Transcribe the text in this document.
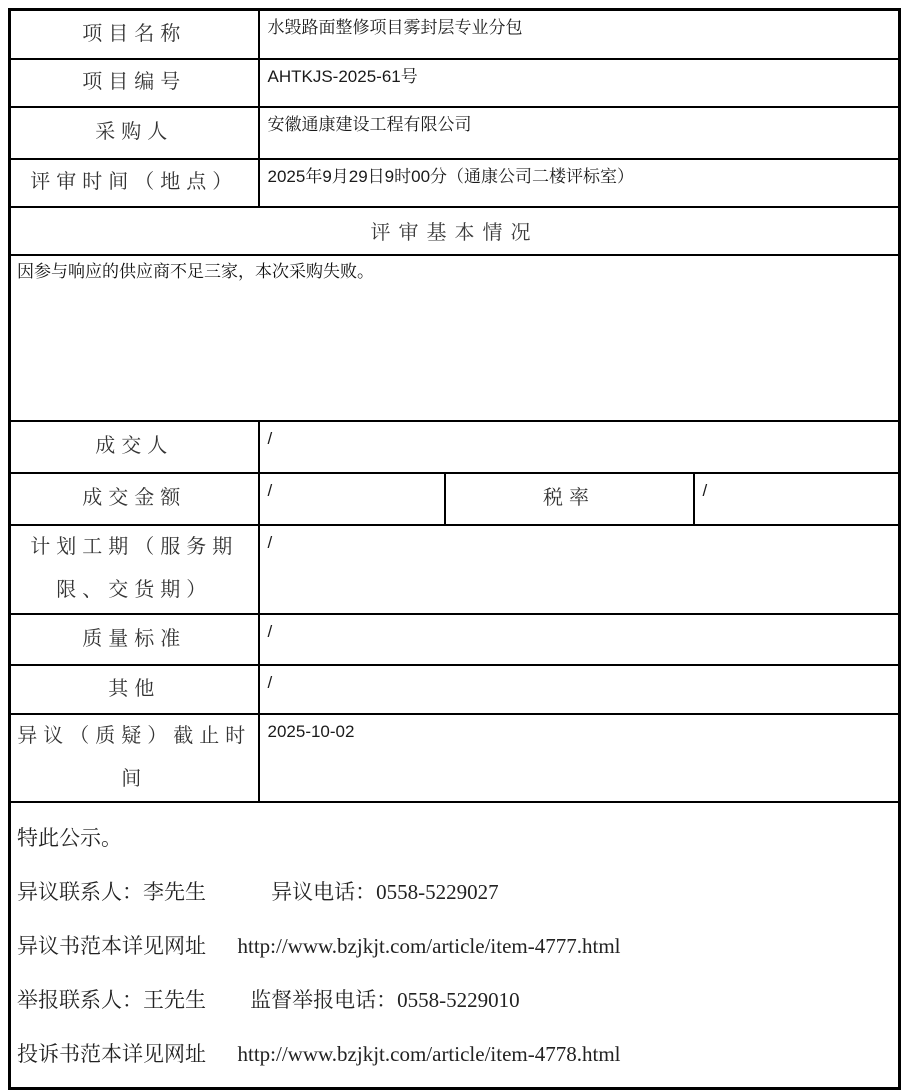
项目名称	水毁路面整修项目雾封层专业分包		
项目编号	AHTKJS-2025-61号		
采购人	安徽通康建设工程有限公司		
评审时间（地点）	2025年9月29日9时00分（通康公司二楼评标室）		
评审基本情况			
因参与响应的供应商不足三家，本次采购失败。			
成交人	/		
成交金额	/	税率	/
计划工期（服务期限、交货期）	/		
质量标准	/		
其他	/		
异议（质疑）截止时间	2025-10-02		

特此公示。
异议联系人：李先生 异议电话：0558-5229027
异议书范本详见网址 http://www.bzjkjt.com/article/item-4777.html
举报联系人：王先生 监督举报电话：0558-5229010
投诉书范本详见网址 http://www.bzjkjt.com/article/item-4778.html			
